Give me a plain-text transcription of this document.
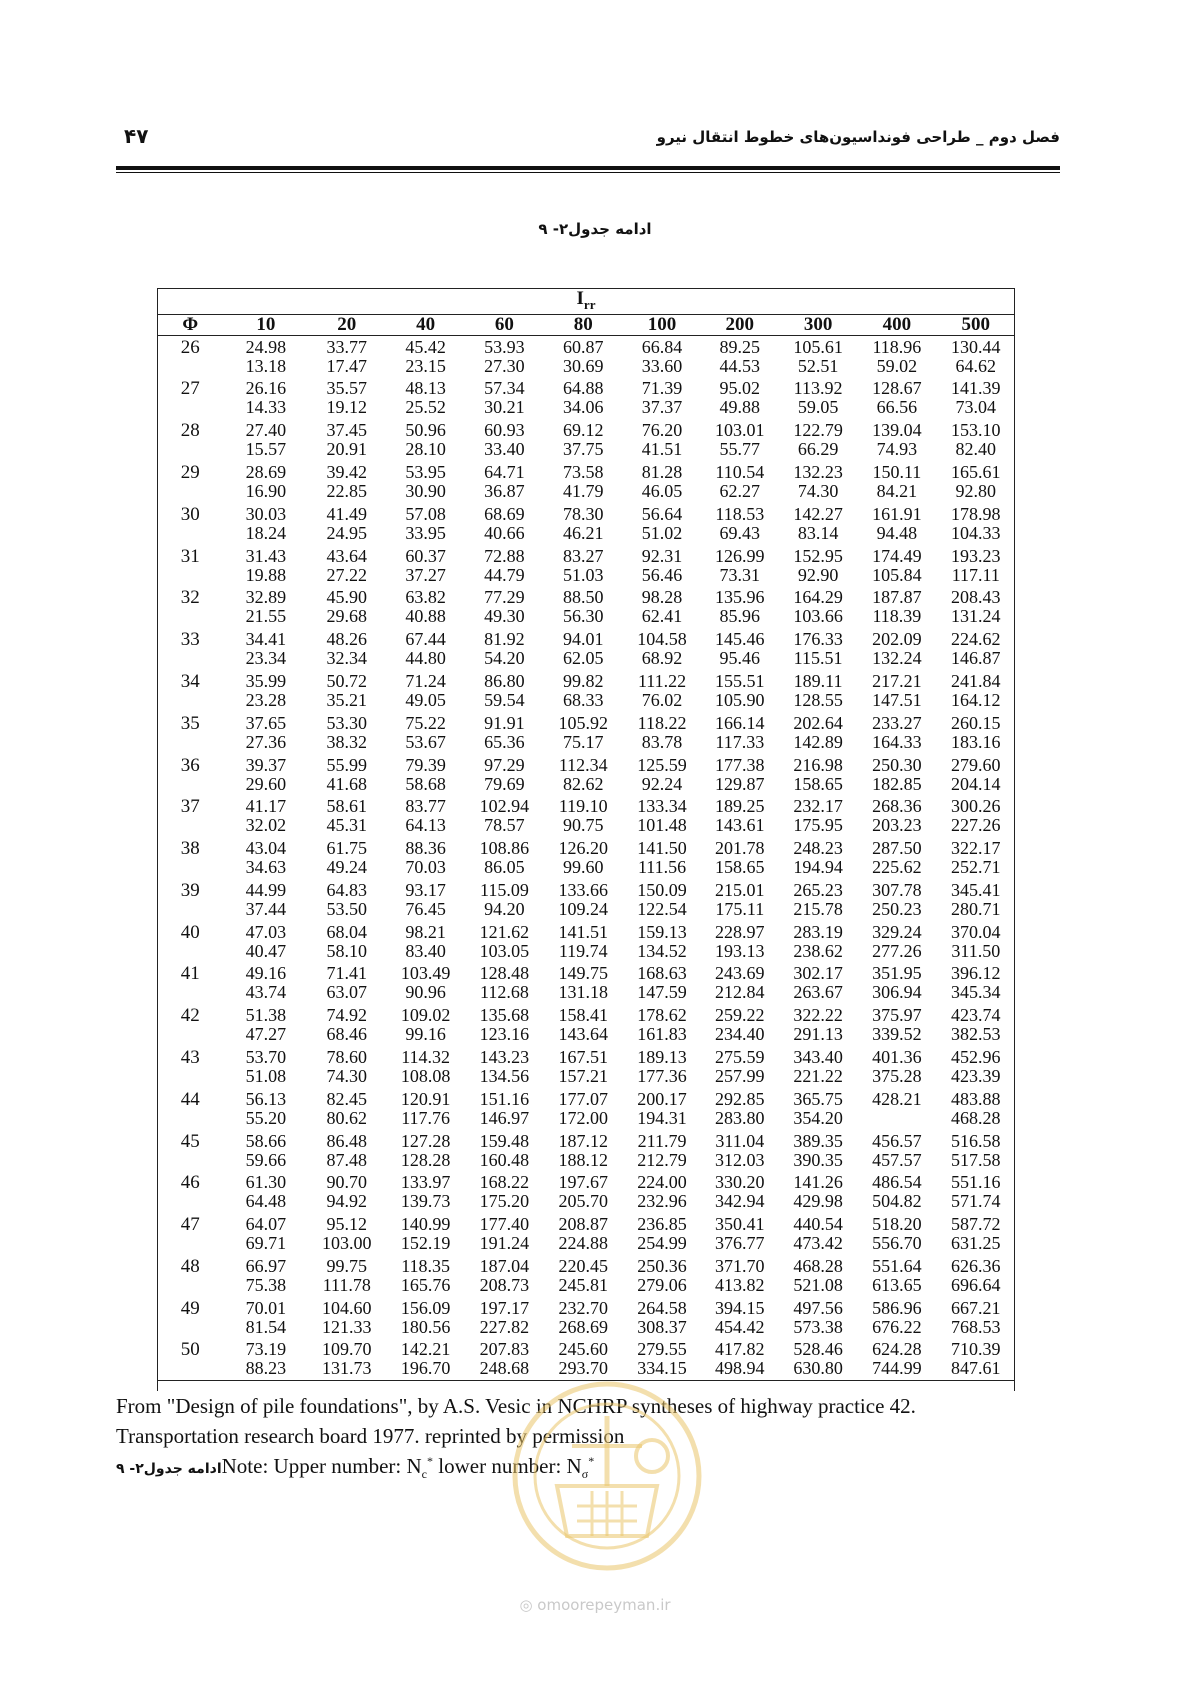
فصل دوم _ طراحی فونداسیون‌های خطوط انتقال نیرو
۴۷
ادامه جدول۲- ۹
$I_{rr}$
Φ	10	20	40	60	80	100	200	300	400	500
26	24.98	33.77	45.42	53.93	60.87	66.84	89.25	105.61	118.96	130.44
	13.18	17.47	23.15	27.30	30.69	33.60	44.53	52.51	59.02	64.62
27	26.16	35.57	48.13	57.34	64.88	71.39	95.02	113.92	128.67	141.39
	14.33	19.12	25.52	30.21	34.06	37.37	49.88	59.05	66.56	73.04
28	27.40	37.45	50.96	60.93	69.12	76.20	103.01	122.79	139.04	153.10
	15.57	20.91	28.10	33.40	37.75	41.51	55.77	66.29	74.93	82.40
29	28.69	39.42	53.95	64.71	73.58	81.28	110.54	132.23	150.11	165.61
	16.90	22.85	30.90	36.87	41.79	46.05	62.27	74.30	84.21	92.80
30	30.03	41.49	57.08	68.69	78.30	56.64	118.53	142.27	161.91	178.98
	18.24	24.95	33.95	40.66	46.21	51.02	69.43	83.14	94.48	104.33
31	31.43	43.64	60.37	72.88	83.27	92.31	126.99	152.95	174.49	193.23
	19.88	27.22	37.27	44.79	51.03	56.46	73.31	92.90	105.84	117.11
32	32.89	45.90	63.82	77.29	88.50	98.28	135.96	164.29	187.87	208.43
	21.55	29.68	40.88	49.30	56.30	62.41	85.96	103.66	118.39	131.24
33	34.41	48.26	67.44	81.92	94.01	104.58	145.46	176.33	202.09	224.62
	23.34	32.34	44.80	54.20	62.05	68.92	95.46	115.51	132.24	146.87
34	35.99	50.72	71.24	86.80	99.82	111.22	155.51	189.11	217.21	241.84
	23.28	35.21	49.05	59.54	68.33	76.02	105.90	128.55	147.51	164.12
35	37.65	53.30	75.22	91.91	105.92	118.22	166.14	202.64	233.27	260.15
	27.36	38.32	53.67	65.36	75.17	83.78	117.33	142.89	164.33	183.16
36	39.37	55.99	79.39	97.29	112.34	125.59	177.38	216.98	250.30	279.60
	29.60	41.68	58.68	79.69	82.62	92.24	129.87	158.65	182.85	204.14
37	41.17	58.61	83.77	102.94	119.10	133.34	189.25	232.17	268.36	300.26
	32.02	45.31	64.13	78.57	90.75	101.48	143.61	175.95	203.23	227.26
38	43.04	61.75	88.36	108.86	126.20	141.50	201.78	248.23	287.50	322.17
	34.63	49.24	70.03	86.05	99.60	111.56	158.65	194.94	225.62	252.71
39	44.99	64.83	93.17	115.09	133.66	150.09	215.01	265.23	307.78	345.41
	37.44	53.50	76.45	94.20	109.24	122.54	175.11	215.78	250.23	280.71
40	47.03	68.04	98.21	121.62	141.51	159.13	228.97	283.19	329.24	370.04
	40.47	58.10	83.40	103.05	119.74	134.52	193.13	238.62	277.26	311.50
41	49.16	71.41	103.49	128.48	149.75	168.63	243.69	302.17	351.95	396.12
	43.74	63.07	90.96	112.68	131.18	147.59	212.84	263.67	306.94	345.34
42	51.38	74.92	109.02	135.68	158.41	178.62	259.22	322.22	375.97	423.74
	47.27	68.46	99.16	123.16	143.64	161.83	234.40	291.13	339.52	382.53
43	53.70	78.60	114.32	143.23	167.51	189.13	275.59	343.40	401.36	452.96
	51.08	74.30	108.08	134.56	157.21	177.36	257.99	221.22	375.28	423.39
44	56.13	82.45	120.91	151.16	177.07	200.17	292.85	365.75	428.21	483.88
	55.20	80.62	117.76	146.97	172.00	194.31	283.80	354.20		468.28
45	58.66	86.48	127.28	159.48	187.12	211.79	311.04	389.35	456.57	516.58
	59.66	87.48	128.28	160.48	188.12	212.79	312.03	390.35	457.57	517.58
46	61.30	90.70	133.97	168.22	197.67	224.00	330.20	141.26	486.54	551.16
	64.48	94.92	139.73	175.20	205.70	232.96	342.94	429.98	504.82	571.74
47	64.07	95.12	140.99	177.40	208.87	236.85	350.41	440.54	518.20	587.72
	69.71	103.00	152.19	191.24	224.88	254.99	376.77	473.42	556.70	631.25
48	66.97	99.75	118.35	187.04	220.45	250.36	371.70	468.28	551.64	626.36
	75.38	111.78	165.76	208.73	245.81	279.06	413.82	521.08	613.65	696.64
49	70.01	104.60	156.09	197.17	232.70	264.58	394.15	497.56	586.96	667.21
	81.54	121.33	180.56	227.82	268.69	308.37	454.42	573.38	676.22	768.53
50	73.19	109.70	142.21	207.83	245.60	279.55	417.82	528.46	624.28	710.39
	88.23	131.73	196.70	248.68	293.70	334.15	498.94	630.80	744.99	847.61

From "Design of pile foundations", by A.S. Vesic in NCHRP syntheses of highway practice 42.
Transportation research board 1977. reprinted by permission
ادامه جدول۲- ۹Note: Upper number: $N_c^*$ lower number: $N_\sigma^*$
◎ omoorepeyman.ir
